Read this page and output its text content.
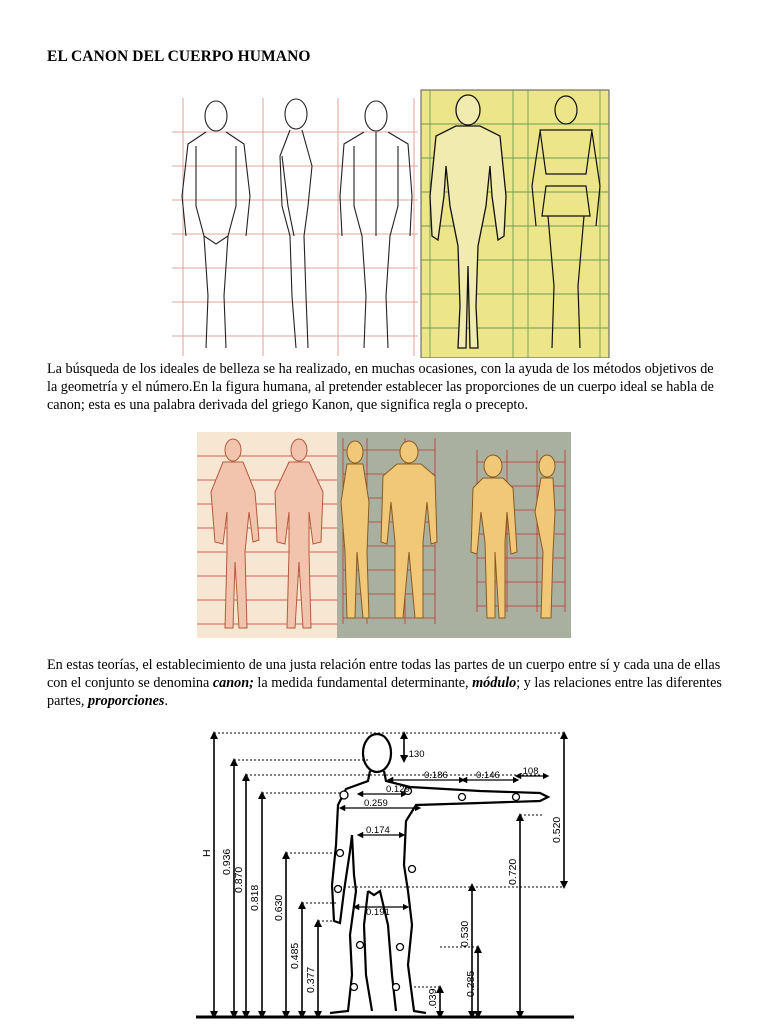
EL CANON DEL CUERPO HUMANO

La búsqueda de los ideales de belleza se ha realizado, en muchas ocasiones, con la ayuda de los métodos objetivos de la geometría y el número.En la figura humana, al pretender establecer las proporciones de un cuerpo ideal se habla de canon; esta es una palabra derivada del griego Kanon, que significa regla o precepto.

En estas teorías, el establecimiento de una justa relación entre todas las partes de un cuerpo entre sí y cada una de ellas con el conjunto se denomina canon; la medida fundamental determinante, módulo; y las relaciones entre las diferentes partes, proporciones.

H 0.936
0.870
0.818 0.630
0.485
0.377
0.520
0.720
0.530
0.285
.039
.130
0.186	0.146 .108
0.129
0.259
0.174
0.191
